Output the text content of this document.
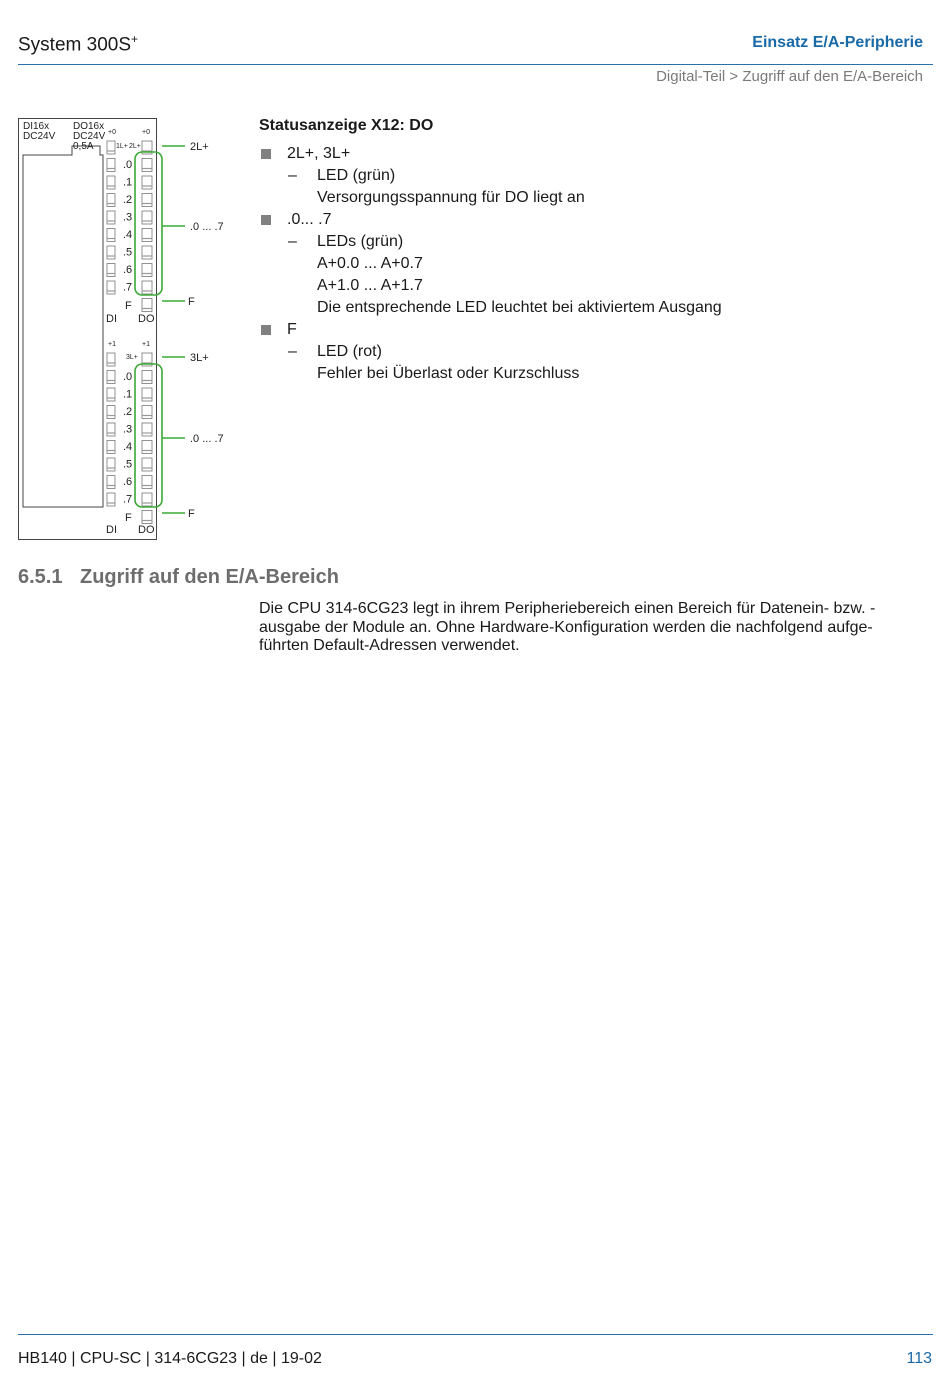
System 300S+	Einsatz E/A-Peripherie
Digital-Teil > Zugriff auf den E/A-Bereich
DI16x
DC24V
DO16x
DC24V
0,5A
+0	+0
1L+ 2L+
+1	+1
3L+
.0
.1
.2
.3
.4
.5
.6
.7
F
.0
.1
.2
.3
.4
.5
.6
.7
F
DI DO
DI DO
2L+
.0 ... .7
F
3L+
.0 ... .7
F
Statusanzeige X12: DO
2L+, 3L+
– LED (grün)
Versorgungsspannung für DO liegt an
.0... .7
– LEDs (grün)
A+0.0 ... A+0.7
A+1.0 ... A+1.7
Die entsprechende LED leuchtet bei aktiviertem Ausgang
F
– LED (rot)
Fehler bei Überlast oder Kurzschluss
6.5.1 Zugriff auf den E/A-Bereich
Die CPU 314-6CG23 legt in ihrem Peripheriebereich einen Bereich für Datenein- bzw. -
ausgabe der Module an. Ohne Hardware-Konfiguration werden die nachfolgend aufge-
führten Default-Adressen verwendet.
HB140 | CPU-SC | 314-6CG23 | de | 19-02	113
